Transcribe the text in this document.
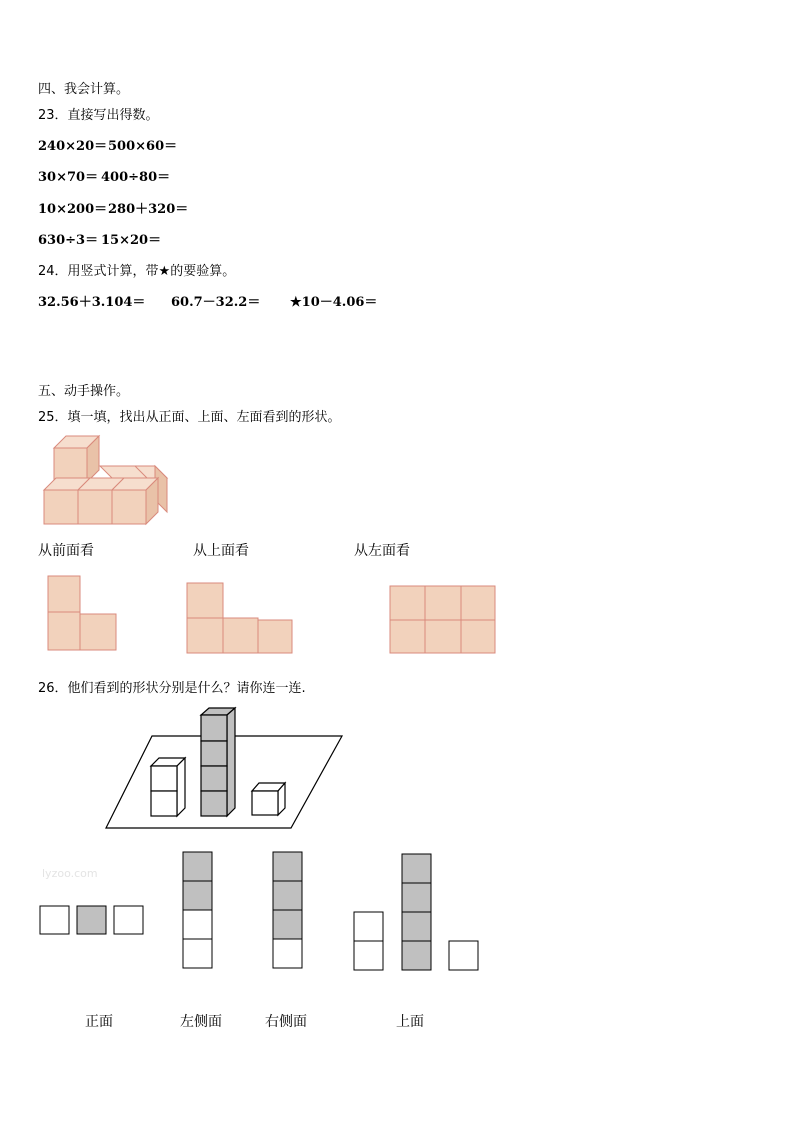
四、我会计算。
23．直接写出得数。
240×20＝ 500×60＝
30×70＝ 400÷80＝
10×200＝ 280＋320＝
630÷3＝ 15×20＝
24．用竖式计算，带★的要验算。
32.56＋3.104＝ 60.7－32.2＝ ★10－4.06＝
五、动手操作。
25．填一填，找出从正面、上面、左面看到的形状。
从前面看	从上面看	从左面看
26．他们看到的形状分别是什么？请你连一连.
lyzoo.com
正面	左侧面	右侧面	上面
